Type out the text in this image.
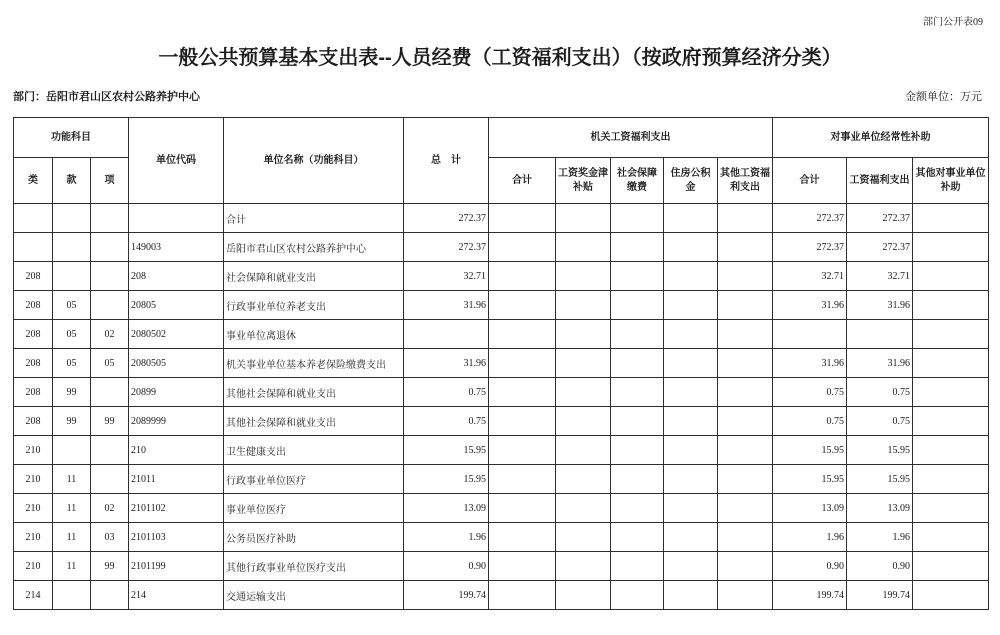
部门公开表09
一般公共预算基本支出表--人员经费（工资福利支出）（按政府预算经济分类）
部门：岳阳市君山区农村公路养护中心	金额单位：万元
功能科目			单位代码	单位名称（功能科目）	总　计	机关工资福利支出					对事业单位经常性补助		
类	款	项				合计	工资奖金津补贴	社会保障缴费	住房公积金	其他工资福利支出	合计	工资福利支出	其他对事业单位补助
				合计	272.37						272.37	272.37	
			149003	岳阳市君山区农村公路养护中心	272.37						272.37	272.37	
208			208	社会保障和就业支出	32.71						32.71	32.71	
208	05		20805	行政事业单位养老支出	31.96						31.96	31.96	
208	05	02	2080502	事业单位离退休									
208	05	05	2080505	机关事业单位基本养老保险缴费支出	31.96						31.96	31.96	
208	99		20899	其他社会保障和就业支出	0.75						0.75	0.75	
208	99	99	2089999	其他社会保障和就业支出	0.75						0.75	0.75	
210			210	卫生健康支出	15.95						15.95	15.95	
210	11		21011	行政事业单位医疗	15.95						15.95	15.95	
210	11	02	2101102	事业单位医疗	13.09						13.09	13.09	
210	11	03	2101103	公务员医疗补助	1.96						1.96	1.96	
210	11	99	2101199	其他行政事业单位医疗支出	0.90						0.90	0.90	
214			214	交通运输支出	199.74						199.74	199.74	
